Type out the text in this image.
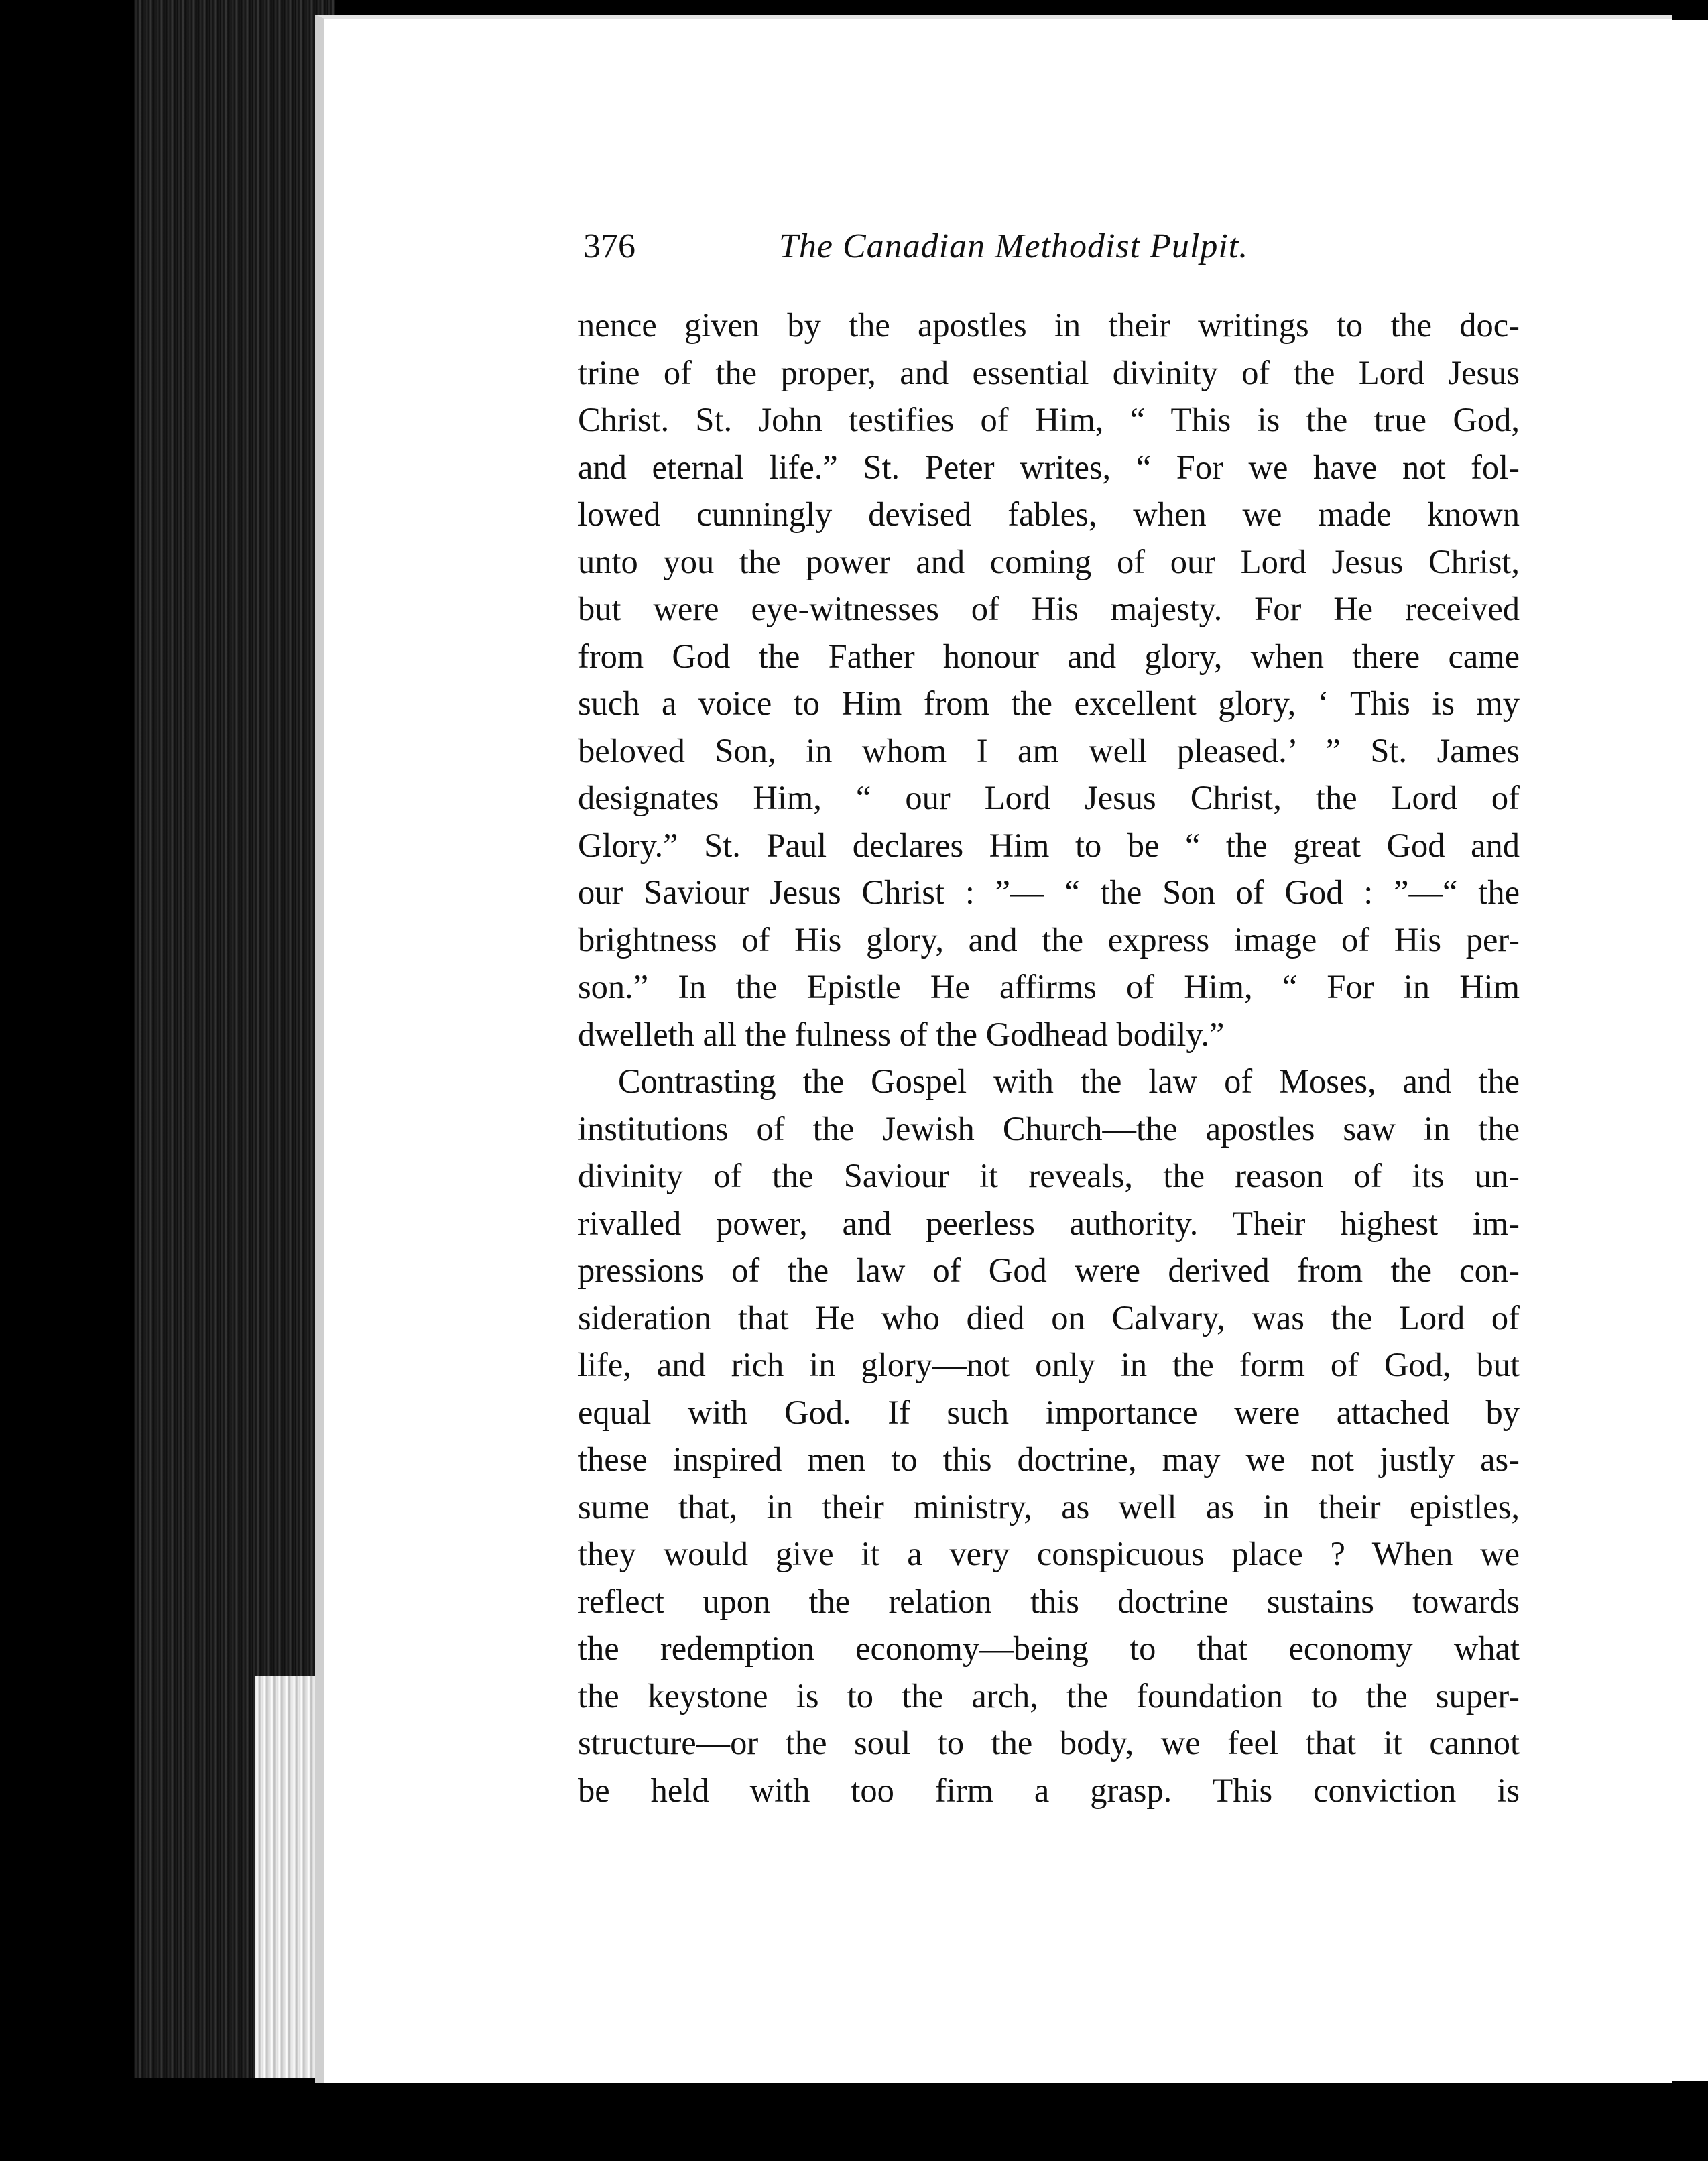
376	The Canadian Methodist Pulpit.
nence given by the apostles in their writings to the doc-
trine of the proper, and essential divinity of the Lord Jesus
Christ. St. John testifies of Him, “ This is the true God,
and eternal life.” St. Peter writes, “ For we have not fol-
lowed cunningly devised fables, when we made known
unto you the power and coming of our Lord Jesus Christ,
but were eye-witnesses of His majesty. For He received
from God the Father honour and glory, when there came
such a voice to Him from the excellent glory, ‘ This is my
beloved Son, in whom I am well pleased.’ ” St. James
designates Him, “ our Lord Jesus Christ, the Lord of
Glory.” St. Paul declares Him to be “ the great God and
our Saviour Jesus Christ : ”— “ the Son of God : ”—“ the
brightness of His glory, and the express image of His per-
son.” In the Epistle He affirms of Him, “ For in Him
dwelleth all the fulness of the Godhead bodily.”
Contrasting the Gospel with the law of Moses, and the
institutions of the Jewish Church—the apostles saw in the
divinity of the Saviour it reveals, the reason of its un-
rivalled power, and peerless authority. Their highest im-
pressions of the law of God were derived from the con-
sideration that He who died on Calvary, was the Lord of
life, and rich in glory—not only in the form of God, but
equal with God. If such importance were attached by
these inspired men to this doctrine, may we not justly as-
sume that, in their ministry, as well as in their epistles,
they would give it a very conspicuous place ? When we
reflect upon the relation this doctrine sustains towards
the redemption economy—being to that economy what
the keystone is to the arch, the foundation to the super-
structure—or the soul to the body, we feel that it cannot
be held with too firm a grasp. This conviction is
